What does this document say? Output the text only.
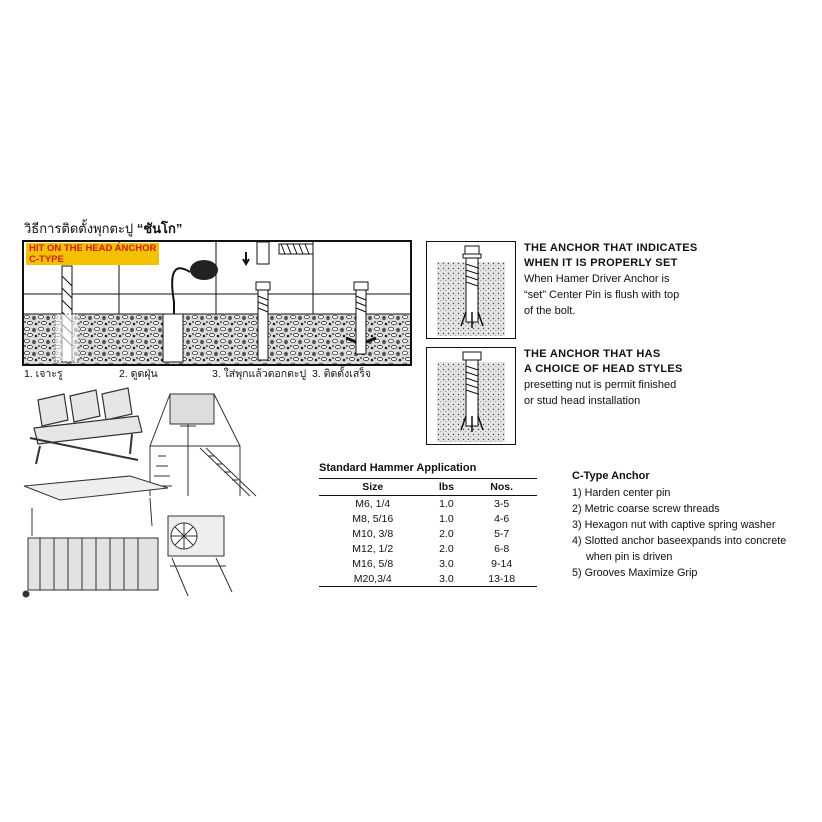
วิธีการติดตั้งพุกตะปู “ชันโก”
HIT ON THE HEAD ANCHOR
C-TYPE
1. เจาะรู	2. ดูดฝุ่น	3. ใส่พุกแล้วตอกตะปู 3. ติดตั้งเสร็จ
THE ANCHOR THAT INDICATES
WHEN IT IS PROPERLY SET
When Hamer Driver Anchor is
“set” Center Pin is flush with top
of the bolt.
THE ANCHOR THAT HAS
A CHOICE OF HEAD STYLES
presetting nut is permit finished
or stud head installation
Standard Hammer Application
Size	lbs	Nos.
M6, 1/4	1.0	3-5
M8, 5/16	1.0	4-6
M10, 3/8	2.0	5-7
M12, 1/2	2.0	6-8
M16, 5/8	3.0	9-14
M20,3/4	3.0	13-18
C-Type Anchor
1) Harden center pin
2) Metric coarse screw threads
3) Hexagon nut with captive spring washer
4) Slotted anchor baseexpands into concrete
when pin is driven
5) Grooves Maximize Grip
